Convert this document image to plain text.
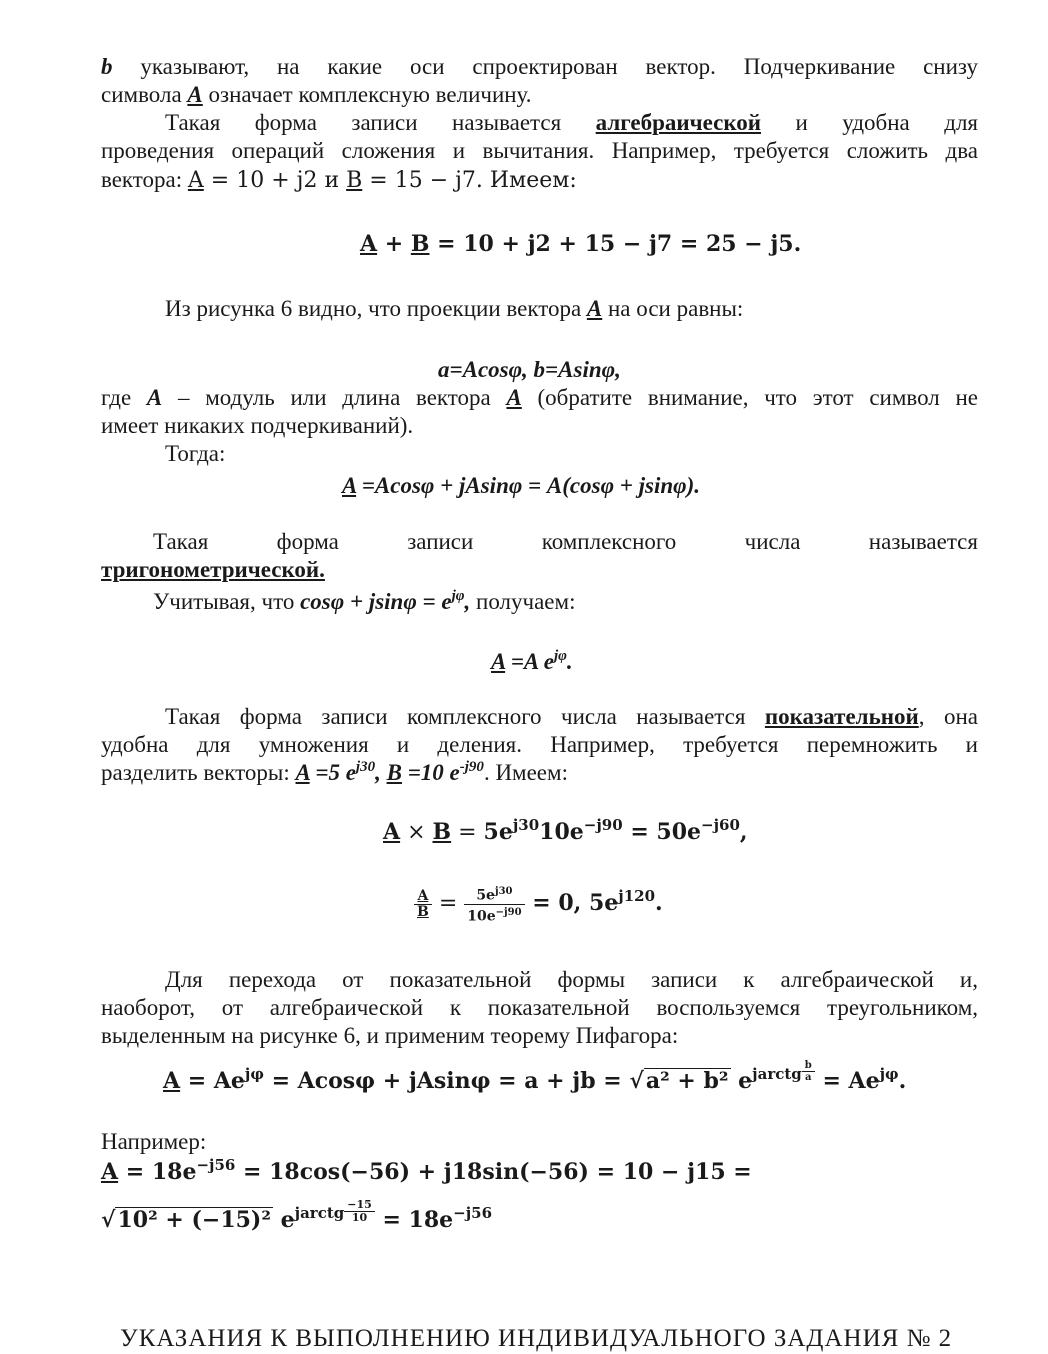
b указывают, на какие оси спроектирован вектор. Подчеркивание снизу
символа A означает комплексную величину.
Такая форма записи называется алгебраической и удобна для
проведения операций сложения и вычитания. Например, требуется сложить два
вектора: A = 10 + j2 и B = 15 − j7. Имеем:
A + B = 10 + j2 + 15 − j7 = 25 − j5.
Из рисунка 6 видно, что проекции вектора A на оси равны:
a=Acosφ, b=Asinφ,
где A – модуль или длина вектора A (обратите внимание, что этот символ не
имеет никаких подчеркиваний).
Тогда:
A =Acosφ + jAsinφ = A(cosφ + jsinφ).
Такая	форма	записи	комплексного	числа	называется
тригонометрической.
Учитывая, что $\cos\varphi + jsin\varphi = e^{j\varphi}$, получаем:
A =A $e^{j\varphi}$.
Такая форма записи комплексного числа называется показательной, она
удобна для умножения и деления. Например, требуется перемножить и
разделить векторы: A =5 $e^{j30}$, B =10 $e^{-j90}$. Имеем:
$A \times B = 5e^{j30}10e^{-j90} = 50e^{-j60}$,
$\frac{A}{B} = \frac{5e^{j30}}{10e^{-j90}} = 0$, $5e^{j120}$.
Для перехода от показательной формы записи к алгебраической и,
наоборот, от алгебраической к показательной воспользуемся треугольником,
выделенным на рисунке 6, и применим теорему Пифагора:
$A = Ae^{j\varphi} = Acos\varphi + jAsin\varphi = a$ + jb = √a² + b² $e^{jarctg} \frac{b}{a} = Ae^{j\varphi}$.
Например:
$A = 18e^{-j56} = 18\cos(-56) + j18\sin(-56) = 10 - j15$ =
√10² + (−15)² $e^{jarctg} \frac{-15}{10} = 18e^{-j56}$
УКАЗАНИЯ К ВЫПОЛНЕНИЮ ИНДИВИДУАЛЬНОГО ЗАДАНИЯ № 2
